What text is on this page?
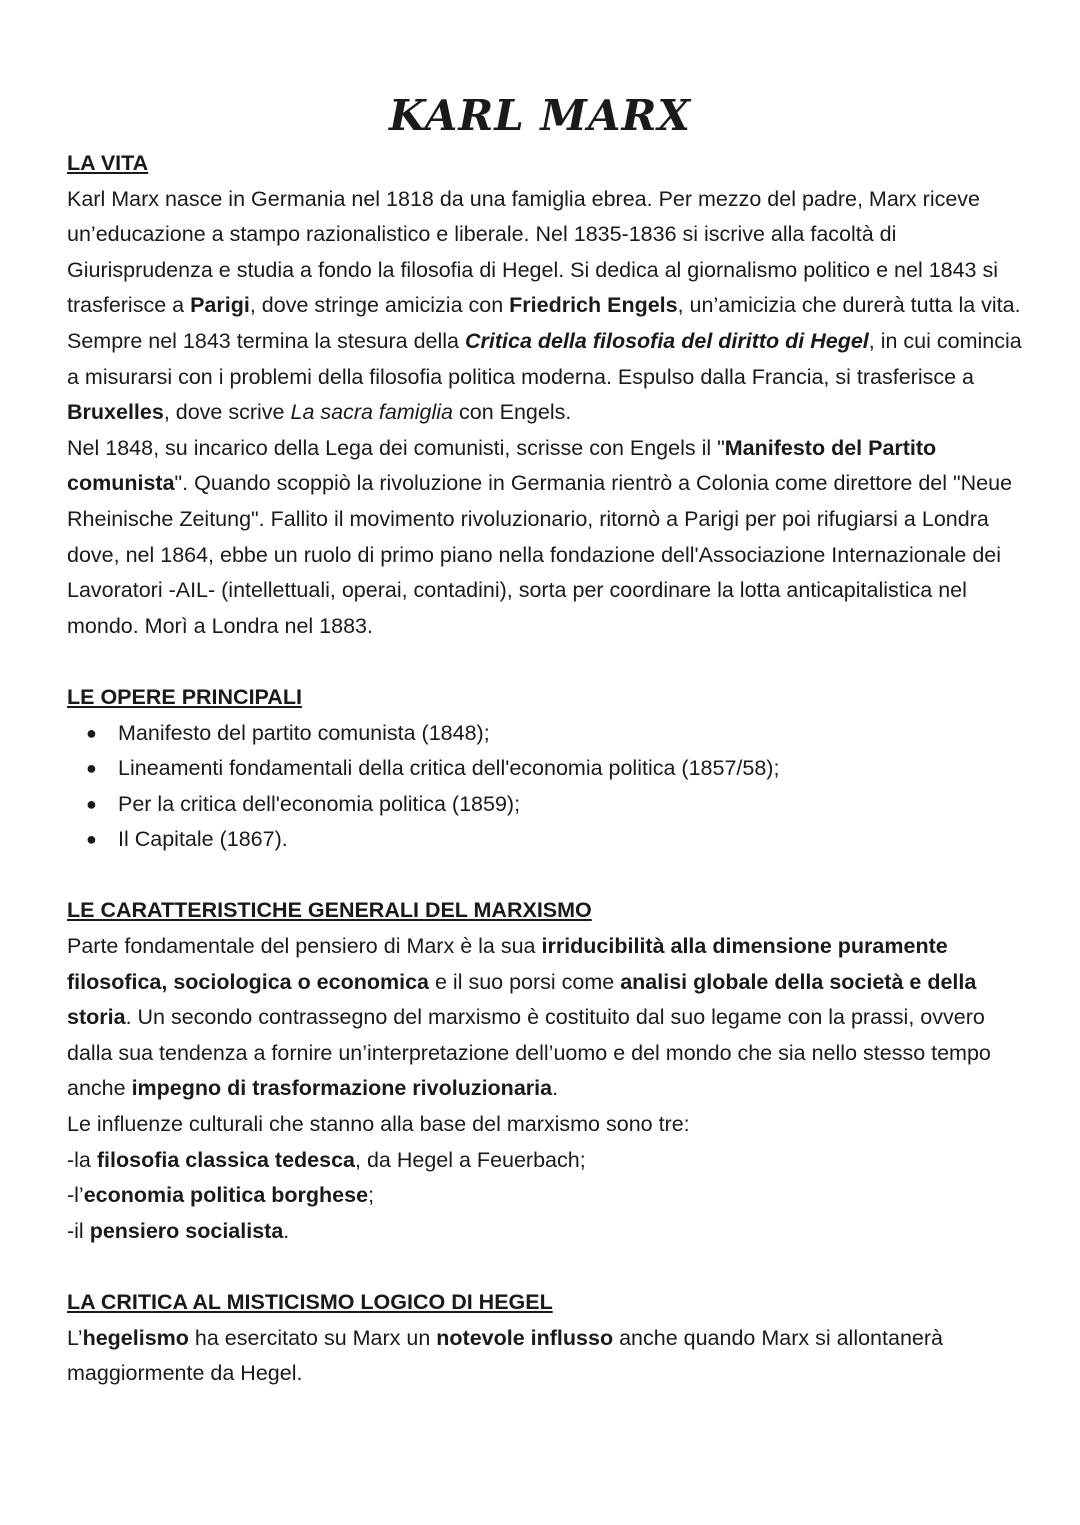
KARL MARX
LA VITA

Karl Marx nasce in Germania nel 1818 da una famiglia ebrea. Per mezzo del padre, Marx riceve un’educazione a stampo razionalistico e liberale. Nel 1835-1836 si iscrive alla facoltà di Giurisprudenza e studia a fondo la filosofia di Hegel. Si dedica al giornalismo politico e nel 1843 si trasferisce a Parigi, dove stringe amicizia con Friedrich Engels, un’amicizia che durerà tutta la vita. Sempre nel 1843 termina la stesura della Critica della filosofia del diritto di Hegel, in cui comincia a misurarsi con i problemi della filosofia politica moderna. Espulso dalla Francia, si trasferisce a Bruxelles, dove scrive La sacra famiglia con Engels.

Nel 1848, su incarico della Lega dei comunisti, scrisse con Engels il "Manifesto del Partito comunista". Quando scoppiò la rivoluzione in Germania rientrò a Colonia come direttore del "Neue Rheinische Zeitung". Fallito il movimento rivoluzionario, ritornò a Parigi per poi rifugiarsi a Londra dove, nel 1864, ebbe un ruolo di primo piano nella fondazione dell'Associazione Internazionale dei Lavoratori -AIL- (intellettuali, operai, contadini), sorta per coordinare la lotta anticapitalistica nel mondo. Morì a Londra nel 1883.

LE OPERE PRINCIPALI
● Manifesto del partito comunista (1848);
● Lineamenti fondamentali della critica dell'economia politica (1857/58);
● Per la critica dell'economia politica (1859);
● Il Capitale (1867).
LE CARATTERISTICHE GENERALI DEL MARXISMO

Parte fondamentale del pensiero di Marx è la sua irriducibilità alla dimensione puramente filosofica, sociologica o economica e il suo porsi come analisi globale della società e della storia. Un secondo contrassegno del marxismo è costituito dal suo legame con la prassi, ovvero dalla sua tendenza a fornire un’interpretazione dell’uomo e del mondo che sia nello stesso tempo anche impegno di trasformazione rivoluzionaria.

Le influenze culturali che stanno alla base del marxismo sono tre:

-la filosofia classica tedesca, da Hegel a Feuerbach;

-l’economia politica borghese;

-il pensiero socialista.

LA CRITICA AL MISTICISMO LOGICO DI HEGEL

L’hegelismo ha esercitato su Marx un notevole influsso anche quando Marx si allontanerà maggiormente da Hegel.
